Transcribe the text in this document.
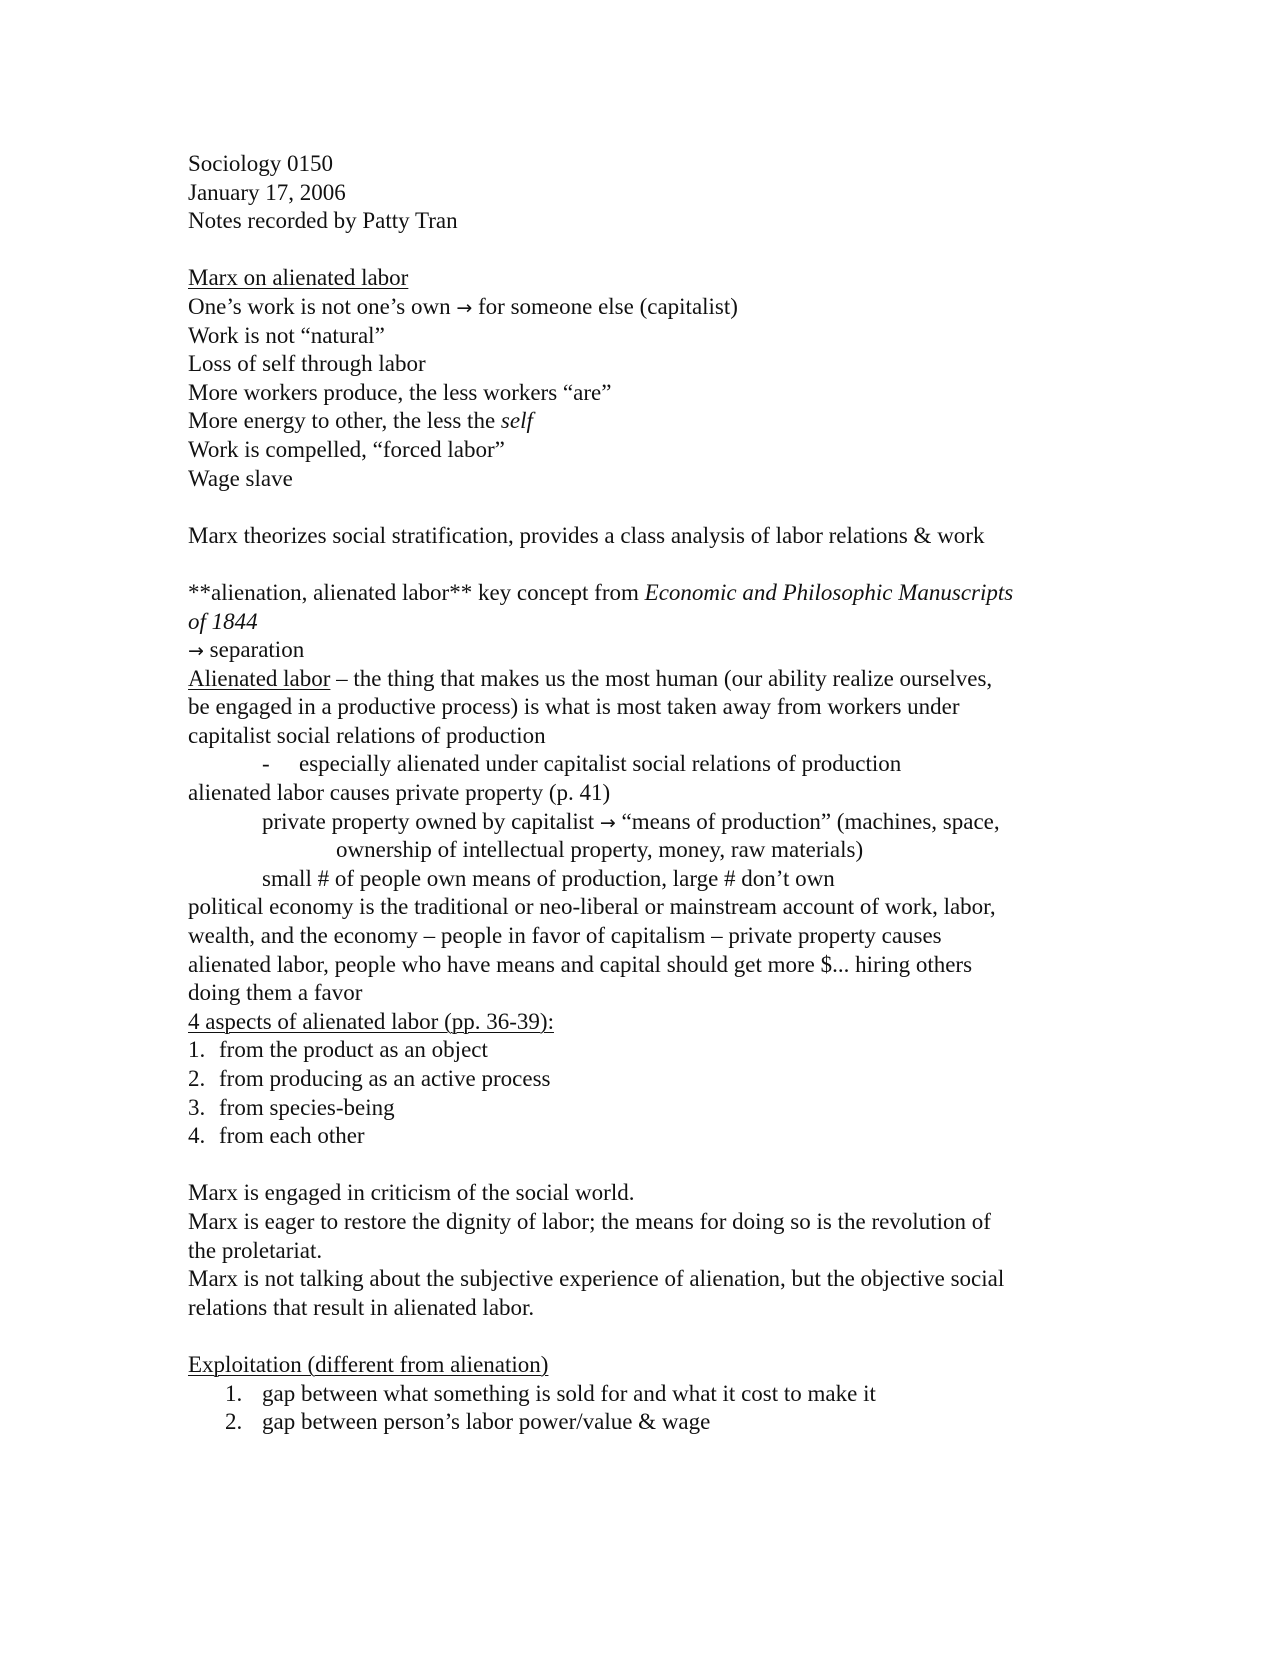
Sociology 0150
January 17, 2006
Notes recorded by Patty Tran
Marx on alienated labor
One’s work is not one’s own → for someone else (capitalist)
Work is not “natural”
Loss of self through labor
More workers produce, the less workers “are”
More energy to other, the less the self
Work is compelled, “forced labor”
Wage slave
Marx theorizes social stratification, provides a class analysis of labor relations & work
**alienation, alienated labor** key concept from Economic and Philosophic Manuscripts
of 1844
→ separation
Alienated labor – the thing that makes us the most human (our ability realize ourselves,
be engaged in a productive process) is what is most taken away from workers under
capitalist social relations of production
- especially alienated under capitalist social relations of production
alienated labor causes private property (p. 41)
private property owned by capitalist → “means of production” (machines, space,
ownership of intellectual property, money, raw materials)
small # of people own means of production, large # don’t own
political economy is the traditional or neo-liberal or mainstream account of work, labor,
wealth, and the economy – people in favor of capitalism – private property causes
alienated labor, people who have means and capital should get more $... hiring others
doing them a favor
4 aspects of alienated labor (pp. 36-39):
1. from the product as an object
2. from producing as an active process
3. from species-being
4. from each other
Marx is engaged in criticism of the social world.
Marx is eager to restore the dignity of labor; the means for doing so is the revolution of
the proletariat.
Marx is not talking about the subjective experience of alienation, but the objective social
relations that result in alienated labor.
Exploitation (different from alienation)
1. gap between what something is sold for and what it cost to make it
2. gap between person’s labor power/value & wage
